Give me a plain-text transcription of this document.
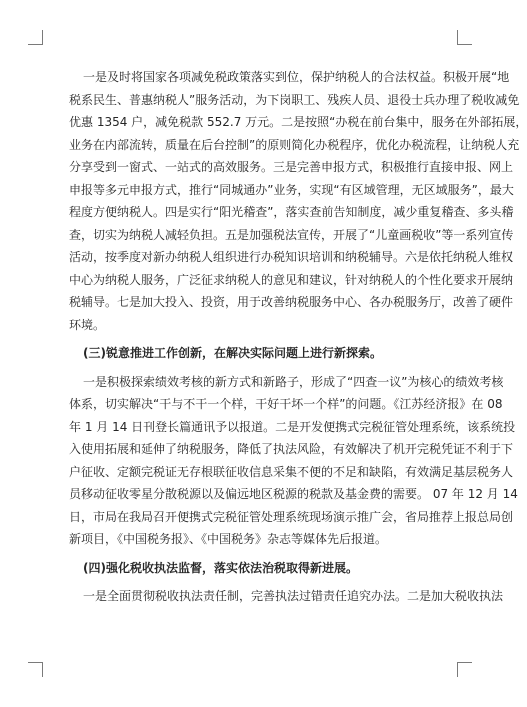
一是及时将国家各项减免税政策落实到位，保护纳税人的合法权益。积极开展“地
税系民生、普惠纳税人”服务活动，为下岗职工、残疾人员、退役士兵办理了税收减免
优惠 1354 户，减免税款 552.7 万元。二是按照“办税在前台集中，服务在外部拓展，
业务在内部流转，质量在后台控制”的原则简化办税程序，优化办税流程，让纳税人充
分享受到一窗式、一站式的高效服务。三是完善申报方式，积极推行直接申报、网上
申报等多元申报方式，推行“同城通办”业务，实现“有区域管理，无区域服务”，最大
程度方便纳税人。四是实行“阳光稽查”，落实查前告知制度，减少重复稽查、多头稽
查，切实为纳税人减轻负担。五是加强税法宣传，开展了“儿童画税收”等一系列宣传
活动，按季度对新办纳税人组织进行办税知识培训和纳税辅导。六是依托纳税人维权
中心为纳税人服务，广泛征求纳税人的意见和建议，针对纳税人的个性化要求开展纳
税辅导。七是加大投入、投资，用于改善纳税服务中心、各办税服务厅，改善了硬件
环境。
(三)锐意推进工作创新，在解决实际问题上进行新探索。
一是积极探索绩效考核的新方式和新路子，形成了“四查一议”为核心的绩效考核
体系，切实解决“干与不干一个样，干好干坏一个样”的问题。《江苏经济报》在 08
年 1 月 14 日刊登长篇通讯予以报道。二是开发便携式完税征管处理系统，该系统投
入使用拓展和延伸了纳税服务，降低了执法风险，有效解决了机开完税凭证不利于下
户征收、定额完税证无存根联征收信息采集不便的不足和缺陷，有效满足基层税务人
员移动征收零星分散税源以及偏远地区税源的税款及基金费的需要。 07 年 12 月 14
日，市局在我局召开便携式完税征管处理系统现场演示推广会，省局推荐上报总局创
新项目，《中国税务报》、《中国税务》杂志等媒体先后报道。
(四)强化税收执法监督，落实依法治税取得新进展。
一是全面贯彻税收执法责任制，完善执法过错责任追究办法。二是加大税收执法
